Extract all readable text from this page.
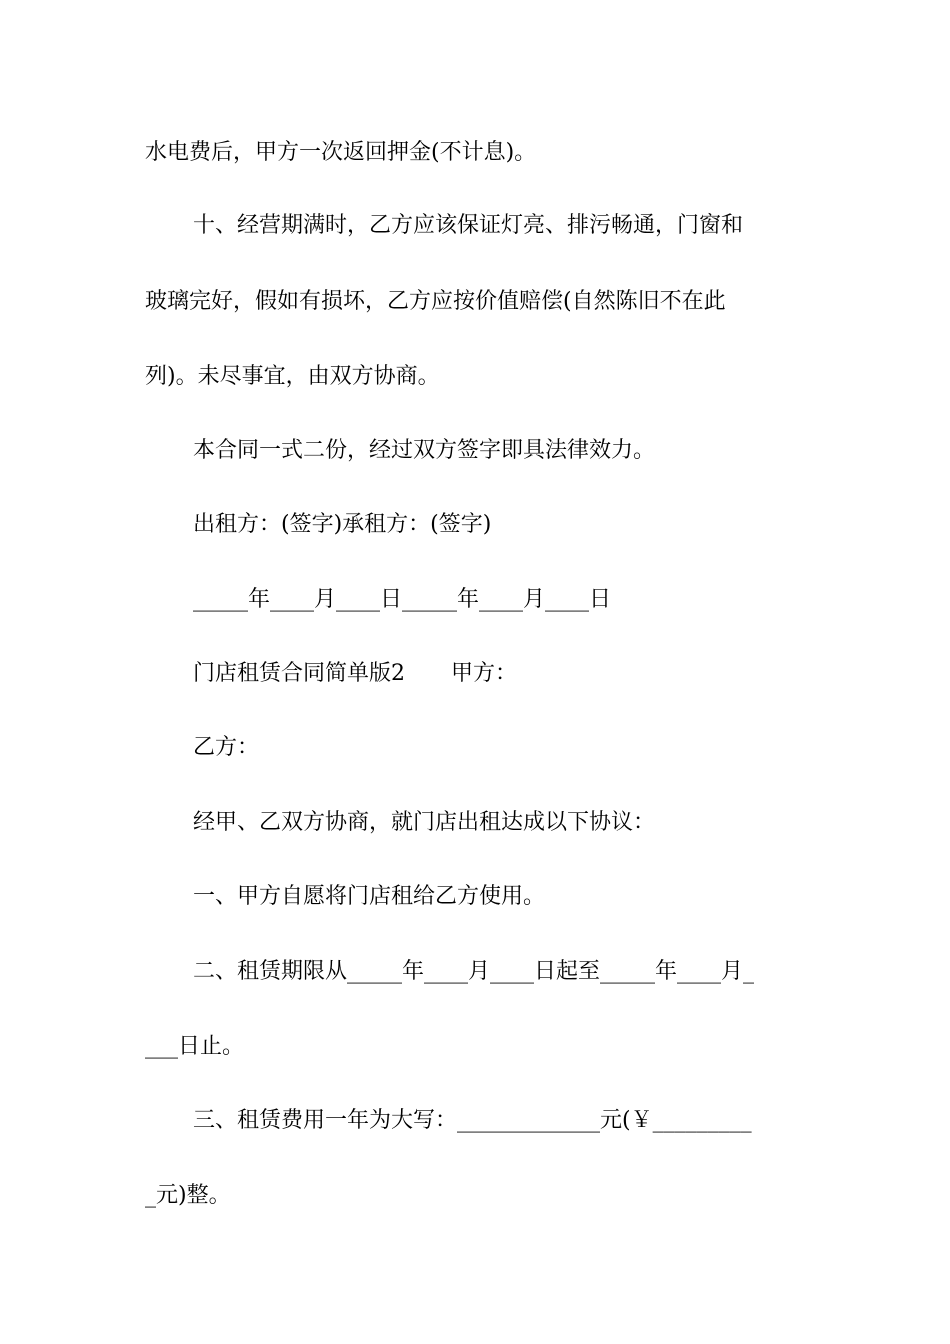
水电费后，甲方一次返回押金(不计息)。
十、经营期满时，乙方应该保证灯亮、排污畅通，门窗和
玻璃完好，假如有损坏，乙方应按价值赔偿(自然陈旧不在此
列)。未尽事宜，由双方协商。
本合同一式二份，经过双方签字即具法律效力。
出租方：(签字)承租方：(签字)
_____年____月____日_____年____月____日
门店租赁合同简单版2 甲方：
乙方：
经甲、乙双方协商，就门店出租达成以下协议：
一、甲方自愿将门店租给乙方使用。
二、租赁期限从_____年____月____日起至_____年____月_
___日止。
三、租赁费用一年为大写：_____________元(￥_________
_元)整。
